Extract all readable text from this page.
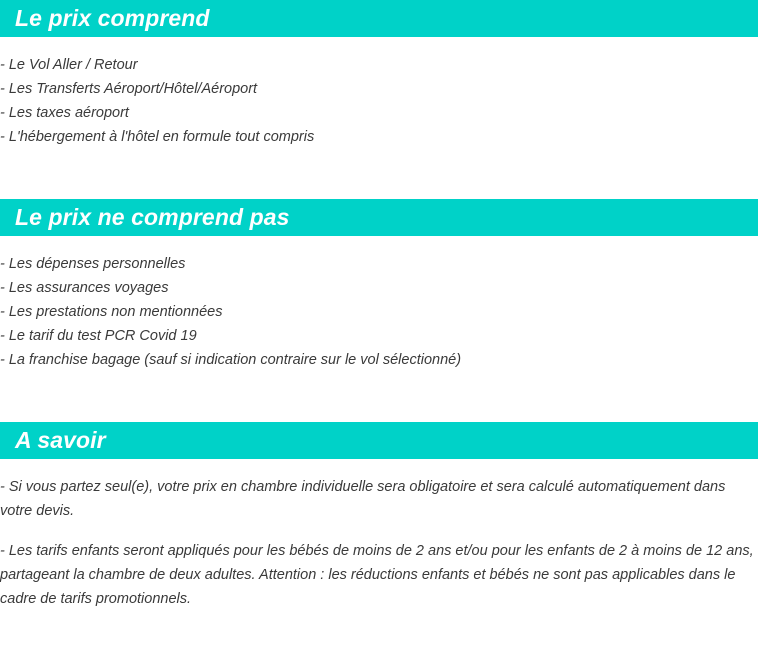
Le prix comprend
- Le Vol Aller / Retour
- Les Transferts Aéroport/Hôtel/Aéroport
- Les taxes aéroport
- L'hébergement à l'hôtel en formule tout compris
Le prix ne comprend pas
- Les dépenses personnelles
- Les assurances voyages
- Les prestations non mentionnées
- Le tarif du test PCR Covid 19
- La franchise bagage (sauf si indication contraire sur le vol sélectionné)
A savoir

- Si vous partez seul(e), votre prix en chambre individuelle sera obligatoire et sera calculé automatiquement dans votre devis.

- Les tarifs enfants seront appliqués pour les bébés de moins de 2 ans et/ou pour les enfants de 2 à moins de 12 ans, partageant la chambre de deux adultes. Attention : les réductions enfants et bébés ne sont pas applicables dans le cadre de tarifs promotionnels.
